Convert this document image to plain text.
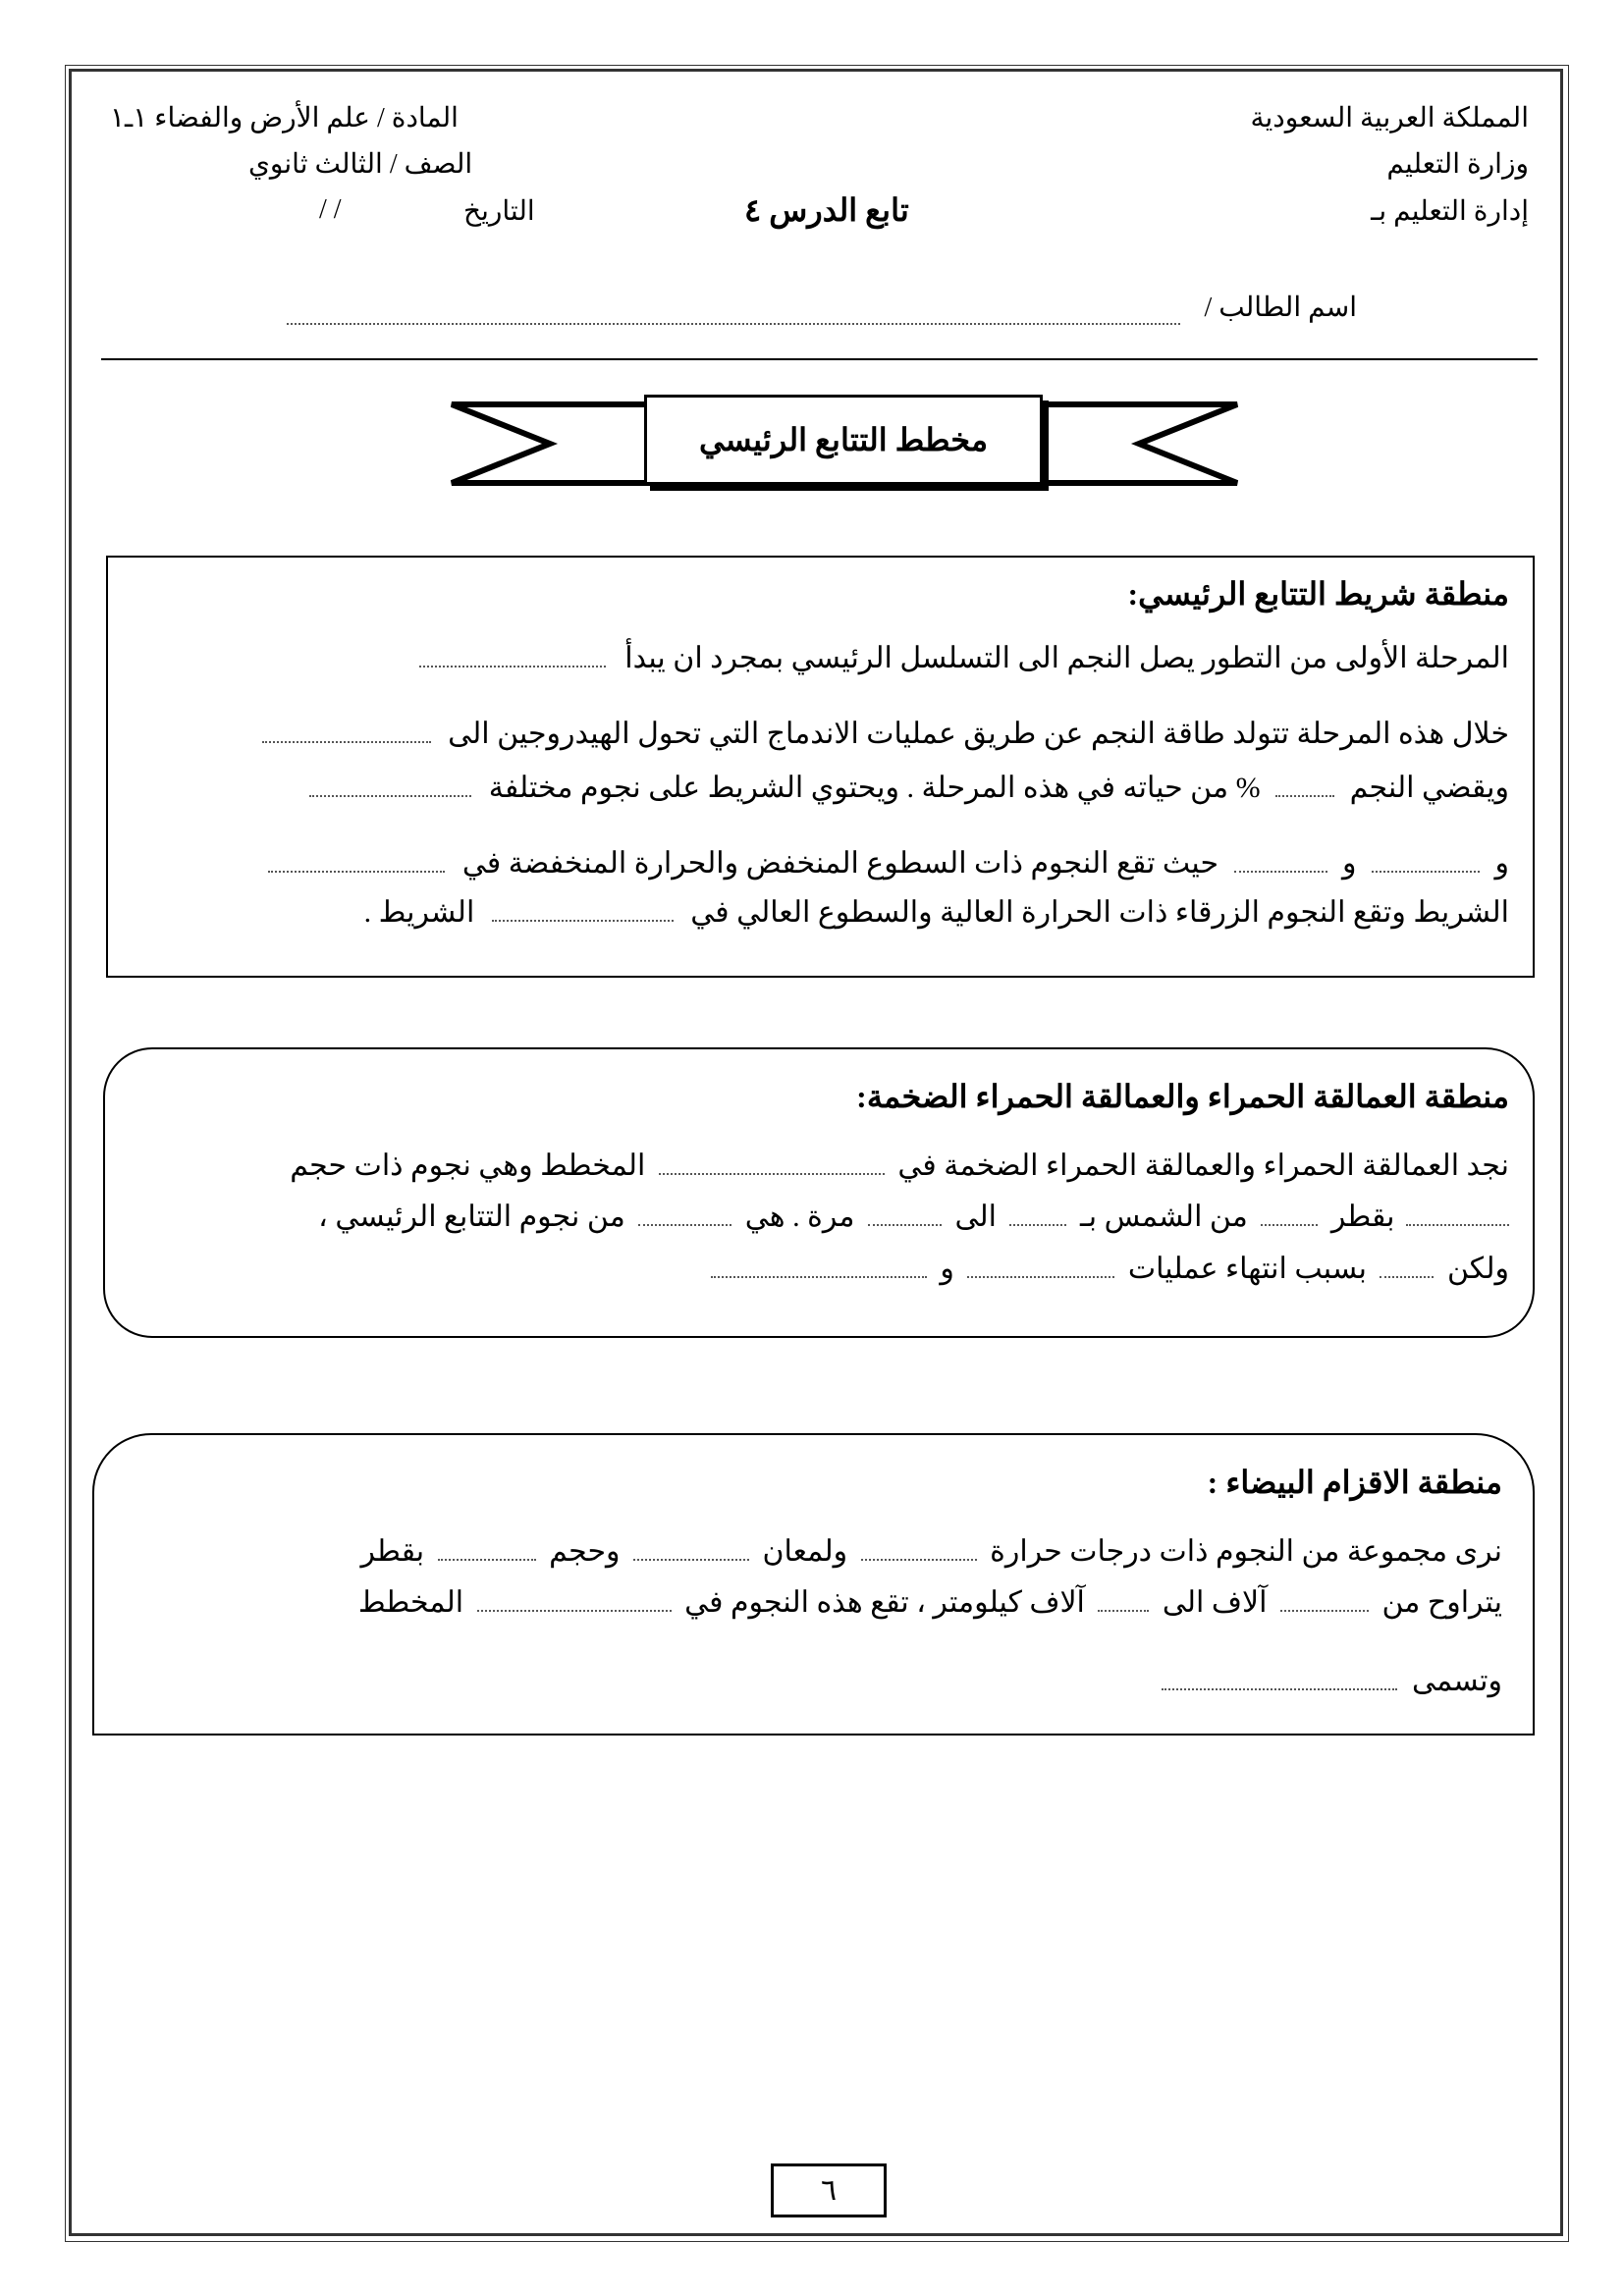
المملكة العربية السعودية
وزارة التعليم
إدارة التعليم بـ
المادة / علم الأرض والفضاء ١ـ١
الصف / الثالث ثانوي
التاريخ
/ /	تابع الدرس ٤
اسم الطالب /
مخطط التتابع الرئيسي
منطقة شريط التتابع الرئيسي:
المرحلة الأولى من التطور يصل النجم الى التسلسل الرئيسي بمجرد ان يبدأ
خلال هذه المرحلة تتولد طاقة النجم عن طريق عمليات الاندماج التي تحول الهيدروجين الى
ويقضي النجم  % من حياته في هذه المرحلة . ويحتوي الشريط على نجوم مختلفة
و  و  حيث تقع النجوم ذات السطوع المنخفض والحرارة المنخفضة في
الشريط وتقع النجوم الزرقاء ذات الحرارة العالية والسطوع العالي في  الشريط .
منطقة العمالقة الحمراء والعمالقة الحمراء الضخمة:
نجد العمالقة الحمراء والعمالقة الحمراء الضخمة في  المخطط وهي نجوم ذات حجم
بقطر  من الشمس بـ  الى  مرة . هي  من نجوم التتابع الرئيسي ،
ولكن  بسبب انتهاء عمليات  و
منطقة الاقزام البيضاء :
نرى مجموعة من النجوم ذات درجات حرارة  ولمعان  وحجم  بقطر
يتراوح من  آلاف الى  آلاف كيلومتر ، تقع هذه النجوم في  المخطط
وتسمى
٦
